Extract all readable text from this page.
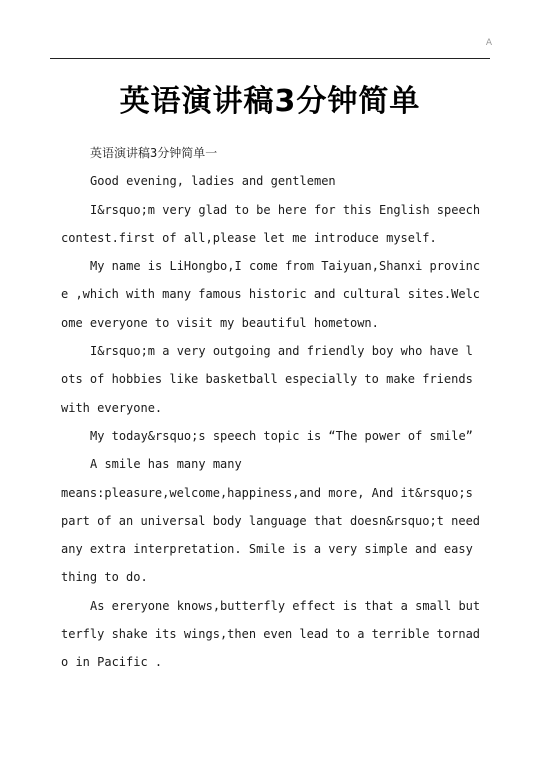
A
英语演讲稿3分钟简单

英语演讲稿3分钟简单一

Good evening, ladies and gentlemen

I&rsquo;m very glad to be here for this English speech contest.first of all,please let me introduce myself.

My name is LiHongbo,I come from Taiyuan,Shanxi province ,which with many famous historic and cultural sites.Welcome everyone to visit my beautiful hometown.

I&rsquo;m a very outgoing and friendly boy who have l ots of hobbies like basketball especially to make friends with everyone.

My today&rsquo;s speech topic is “The power of smile”

A smile has many many

means:pleasure,welcome,happiness,and more, And it&rsquo;s part of an universal body language that doesn&rsquo;t need any extra interpretation. Smile is a very simple and easy thing to do.

As ereryone knows,butterfly effect is that a small butterfly shake its wings,then even lead to a terrible tornado in Pacific .
